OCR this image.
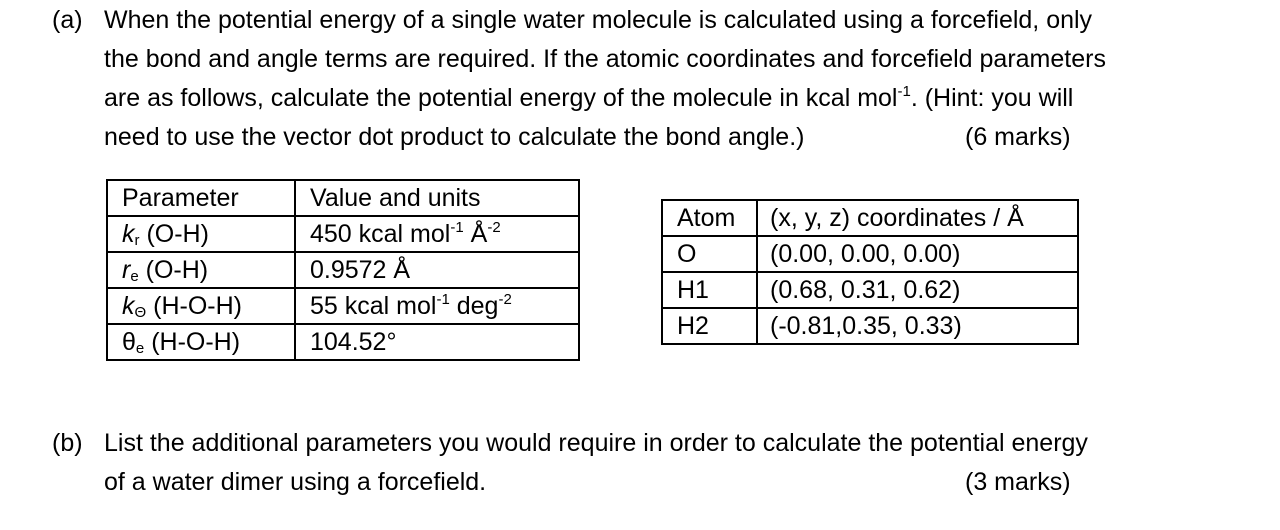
(a) When the potential energy of a single water molecule is calculated using a forcefield, only
the bond and angle terms are required. If the atomic coordinates and forcefield parameters
are as follows, calculate the potential energy of the molecule in kcal mol$^{-1}$. (Hint: you will
need to use the vector dot product to calculate the bond angle.)	(6 marks)
Parameter	Value and units
$k_r$ (O-H)	450 kcal mol$^{-1}$ $Å^{-2}$
$r_e$ (O-H)	0.9572 Å
$k_\Theta$ (H-O-H)	55 kcal mol$^{-1}$ deg$^{-2}$
$\theta_e$ (H-O-H)	104.52°
Atom	(x, y, z) coordinates / Å
O	(0.00, 0.00, 0.00)
H1	(0.68, 0.31, 0.62)
H2	(-0.81,0.35, 0.33)
(b) List the additional parameters you would require in order to calculate the potential energy
of a water dimer using a forcefield.	(3 marks)
